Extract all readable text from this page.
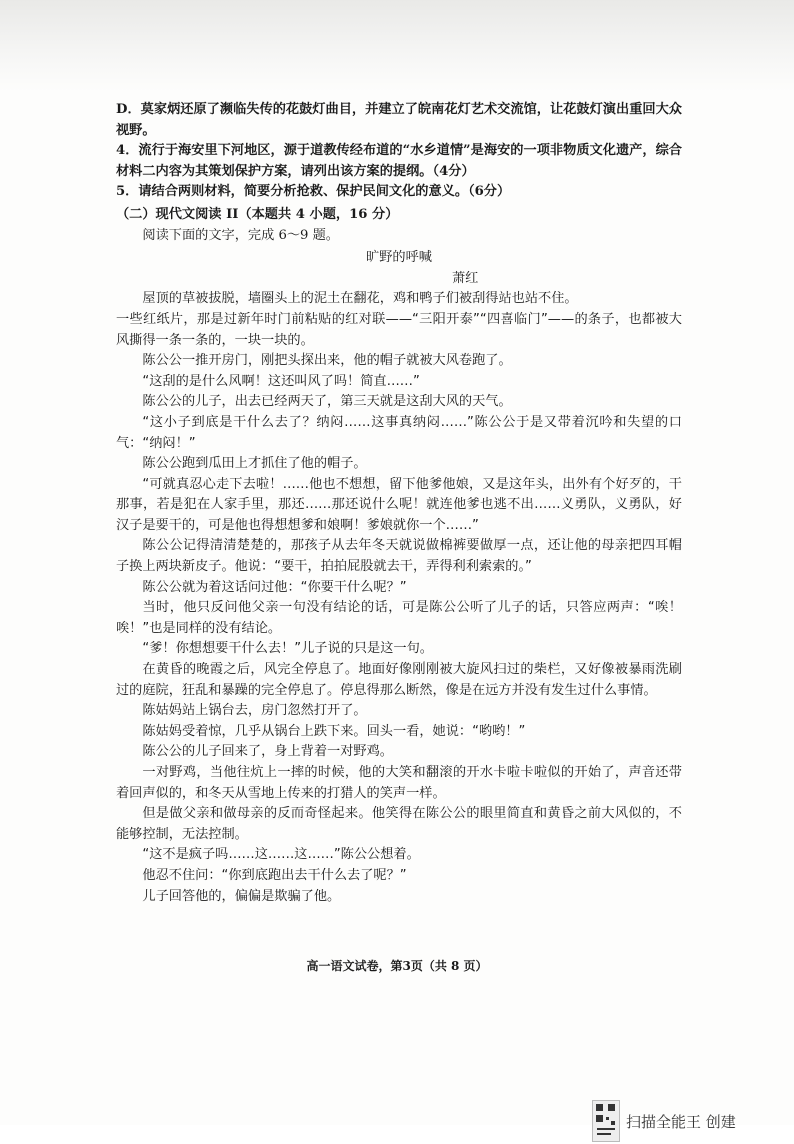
D．莫家炳还原了濒临失传的花鼓灯曲目，并建立了皖南花灯艺术交流馆，让花鼓灯演出重回大众视野。

4．流行于海安里下河地区，源于道教传经布道的“水乡道情”是海安的一项非物质文化遗产，综合材料二内容为其策划保护方案，请列出该方案的提纲。（4分）

5．请结合两则材料，简要分析抢救、保护民间文化的意义。（6分）

（二）现代文阅读 II（本题共 4 小题，16 分）

阅读下面的文字，完成 6～9 题。

旷野的呼喊

萧红

屋顶的草被拔脱，墙圈头上的泥土在翻花，鸡和鸭子们被刮得站也站不住。

一些红纸片，那是过新年时门前粘贴的红对联——“三阳开泰”“四喜临门”——的条子，也都被大风撕得一条一条的，一块一块的。

陈公公一推开房门，刚把头探出来，他的帽子就被大风卷跑了。

“这刮的是什么风啊！这还叫风了吗！简直……”

陈公公的儿子，出去已经两天了，第三天就是这刮大风的天气。

“这小子到底是干什么去了？纳闷……这事真纳闷……”陈公公于是又带着沉吟和失望的口气：“纳闷！”

陈公公跑到瓜田上才抓住了他的帽子。

“可就真忍心走下去啦！……他也不想想，留下他爹他娘，又是这年头，出外有个好歹的，干那事，若是犯在人家手里，那还……那还说什么呢！就连他爹也逃不出……义勇队，义勇队，好汉子是要干的，可是他也得想想爹和娘啊！爹娘就你一个……”

陈公公记得清清楚楚的，那孩子从去年冬天就说做棉裤要做厚一点，还让他的母亲把四耳帽子换上两块新皮子。他说：“要干，拍拍屁股就去干，弄得利利索索的。”

陈公公就为着这话问过他：“你要干什么呢？”

当时，他只反问他父亲一句没有结论的话，可是陈公公听了儿子的话，只答应两声：“唉！唉！”也是同样的没有结论。

“爹！你想想要干什么去！”儿子说的只是这一句。

在黄昏的晚霞之后，风完全停息了。地面好像刚刚被大旋风扫过的柴栏，又好像被暴雨洗刷过的庭院，狂乱和暴躁的完全停息了。停息得那么断然，像是在远方并没有发生过什么事情。

陈姑妈站上锅台去，房门忽然打开了。

陈姑妈受着惊，几乎从锅台上跌下来。回头一看，她说：“哟哟！”

陈公公的儿子回来了，身上背着一对野鸡。

一对野鸡，当他往炕上一摔的时候，他的大笑和翻滚的开水卡啦卡啦似的开始了，声音还带着回声似的，和冬天从雪地上传来的打猎人的笑声一样。

但是做父亲和做母亲的反而奇怪起来。他笑得在陈公公的眼里简直和黄昏之前大风似的，不能够控制，无法控制。

“这不是疯子吗……这……这……”陈公公想着。

他忍不住问：“你到底跑出去干什么去了呢？”

儿子回答他的，偏偏是欺骗了他。

高一语文试卷，第3页（共 8 页）
扫描全能王 创建
